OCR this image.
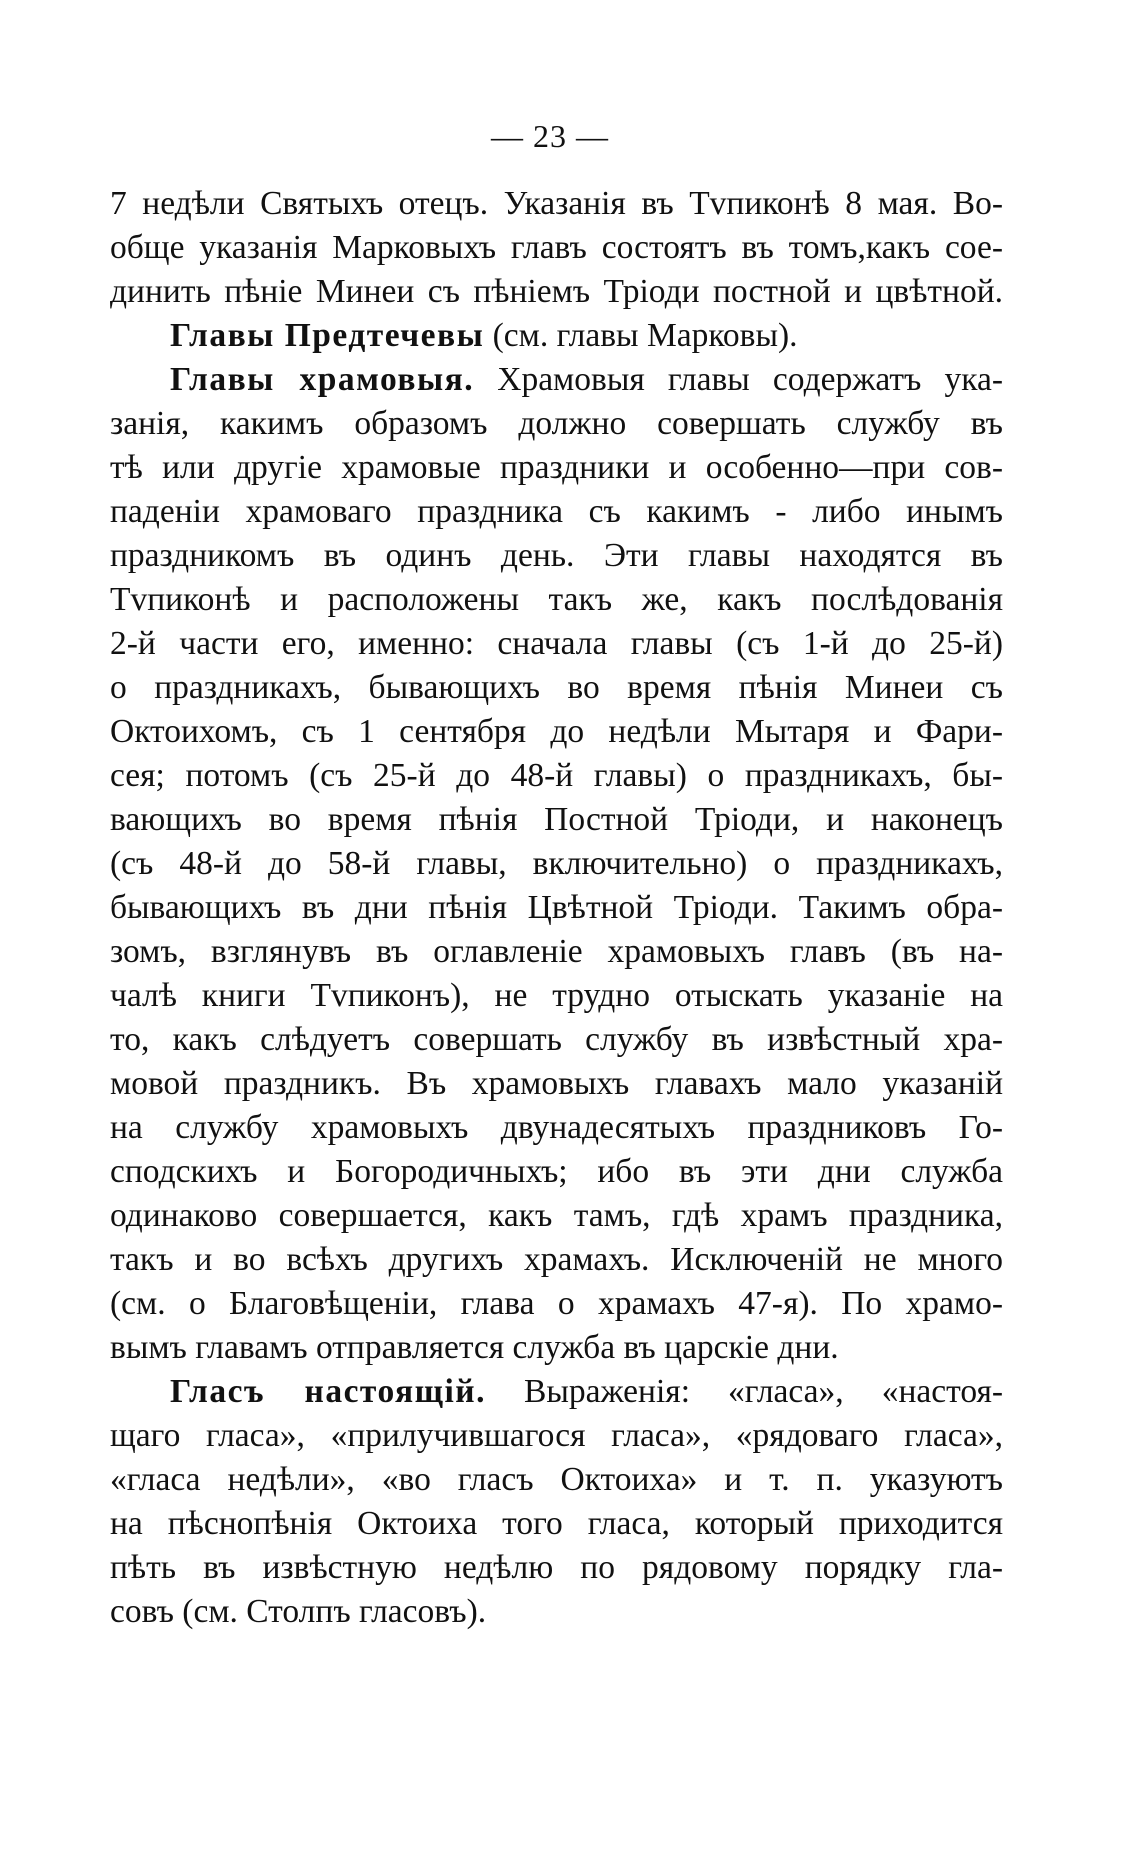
— 23 —
7 недѣли Святыхъ отецъ. Указанія въ Тvпиконѣ 8 мая. Во-
обще указанія Марковыхъ главъ состоятъ въ томъ,какъ сое-
динить пѣніе Минеи съ пѣніемъ Тріоди постной и цвѣтной.
Главы Предтечевы (см. главы Марковы).
Главы храмовыя. Храмовыя главы содержатъ ука-
занія, какимъ образомъ должно совершать службу въ
тѣ или другіе храмовые праздники и особенно—при сов-
паденіи храмоваго праздника съ какимъ - либо инымъ
праздникомъ въ одинъ день. Эти главы находятся въ
Тvпиконѣ и расположены такъ же, какъ послѣдованія
2-й части его, именно: сначала главы (съ 1-й до 25-й)
о праздникахъ, бывающихъ во время пѣнія Минеи съ
Октоихомъ, съ 1 сентября до недѣли Мытаря и Фари-
сея; потомъ (съ 25-й до 48-й главы) о праздникахъ, бы-
вающихъ во время пѣнія Постной Тріоди, и наконецъ
(съ 48-й до 58-й главы, включительно) о праздникахъ,
бывающихъ въ дни пѣнія Цвѣтной Тріоди. Такимъ обра-
зомъ, взглянувъ въ оглавленіе храмовыхъ главъ (въ на-
чалѣ книги Тvпиконъ), не трудно отыскать указаніе на
то, какъ слѣдуетъ совершать службу въ извѣстный хра-
мовой праздникъ. Въ храмовыхъ главахъ мало указаній
на службу храмовыхъ двунадесятыхъ праздниковъ Го-
сподскихъ и Богородичныхъ; ибо въ эти дни служба
одинаково совершается, какъ тамъ, гдѣ храмъ праздника,
такъ и во всѣхъ другихъ храмахъ. Исключеній не много
(см. о Благовѣщеніи, глава о храмахъ 47-я). По храмо-
вымъ главамъ отправляется служба въ царскіе дни.
Гласъ настоящій. Выраженія: «гласа», «настоя-
щаго гласа», «прилучившагося гласа», «рядоваго гласа»,
«гласа недѣли», «во гласъ Октоиха» и т. п. указуютъ
на пѣснопѣнія Октоиха того гласа, который приходится
пѣть въ извѣстную недѣлю по рядовому порядку гла-
совъ (см. Столпъ гласовъ).
